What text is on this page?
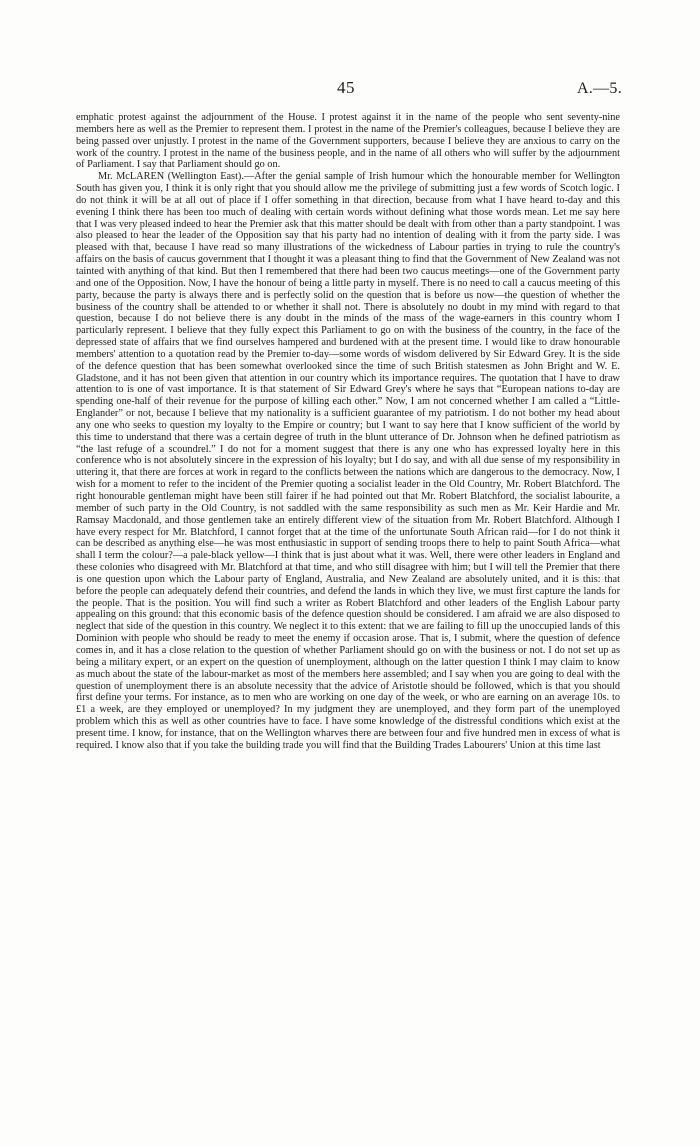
45	A.—5.

emphatic protest against the adjournment of the House. I protest against it in the name of the people who sent seventy-nine members here as well as the Premier to represent them. I protest in the name of the Premier's colleagues, because I believe they are being passed over unjustly. I protest in the name of the Government supporters, because I believe they are anxious to carry on the work of the country. I protest in the name of the business people, and in the name of all others who will suffer by the adjournment of Parliament. I say that Parliament should go on.

Mr. McLAREN (Wellington East).—After the genial sample of Irish humour which the honourable member for Wellington South has given you, I think it is only right that you should allow me the privilege of submitting just a few words of Scotch logic. I do not think it will be at all out of place if I offer something in that direction, because from what I have heard to-day and this evening I think there has been too much of dealing with certain words without defining what those words mean. Let me say here that I was very pleased indeed to hear the Premier ask that this matter should be dealt with from other than a party standpoint. I was also pleased to hear the leader of the Opposition say that his party had no intention of dealing with it from the party side. I was pleased with that, because I have read so many illustrations of the wickedness of Labour parties in trying to rule the country's affairs on the basis of caucus government that I thought it was a pleasant thing to find that the Government of New Zealand was not tainted with anything of that kind. But then I remembered that there had been two caucus meetings—one of the Government party and one of the Opposition. Now, I have the honour of being a little party in myself. There is no need to call a caucus meeting of this party, because the party is always there and is perfectly solid on the question that is before us now—the question of whether the business of the country shall be attended to or whether it shall not. There is absolutely no doubt in my mind with regard to that question, because I do not believe there is any doubt in the minds of the mass of the wage-earners in this country whom I particularly represent. I believe that they fully expect this Parliament to go on with the business of the country, in the face of the depressed state of affairs that we find ourselves hampered and burdened with at the present time. I would like to draw honourable members' attention to a quotation read by the Premier to-day—some words of wisdom delivered by Sir Edward Grey. It is the side of the defence question that has been somewhat overlooked since the time of such British statesmen as John Bright and W. E. Gladstone, and it has not been given that attention in our country which its importance requires. The quotation that I have to draw attention to is one of vast importance. It is that statement of Sir Edward Grey's where he says that “European nations to-day are spending one-half of their revenue for the purpose of killing each other.” Now, I am not concerned whether I am called a “Little-Englander” or not, because I believe that my nationality is a sufficient guarantee of my patriotism. I do not bother my head about any one who seeks to question my loyalty to the Empire or country; but I want to say here that I know sufficient of the world by this time to understand that there was a certain degree of truth in the blunt utterance of Dr. Johnson when he defined patriotism as “the last refuge of a scoundrel.” I do not for a moment suggest that there is any one who has expressed loyalty here in this conference who is not absolutely sincere in the expression of his loyalty; but I do say, and with all due sense of my responsibility in uttering it, that there are forces at work in regard to the conflicts between the nations which are dangerous to the democracy. Now, I wish for a moment to refer to the incident of the Premier quoting a socialist leader in the Old Country, Mr. Robert Blatchford. The right honourable gentleman might have been still fairer if he had pointed out that Mr. Robert Blatchford, the socialist labourite, a member of such party in the Old Country, is not saddled with the same responsibility as such men as Mr. Keir Hardie and Mr. Ramsay Macdonald, and those gentlemen take an entirely different view of the situation from Mr. Robert Blatchford. Although I have every respect for Mr. Blatchford, I cannot forget that at the time of the unfortunate South African raid—for I do not think it can be described as anything else—he was most enthusiastic in support of sending troops there to help to paint South Africa—what shall I term the colour?—a pale-black yellow—I think that is just about what it was. Well, there were other leaders in England and these colonies who disagreed with Mr. Blatchford at that time, and who still disagree with him; but I will tell the Premier that there is one question upon which the Labour party of England, Australia, and New Zealand are absolutely united, and it is this: that before the people can adequately defend their countries, and defend the lands in which they live, we must first capture the lands for the people. That is the position. You will find such a writer as Robert Blatchford and other leaders of the English Labour party appealing on this ground: that this economic basis of the defence question should be considered. I am afraid we are also disposed to neglect that side of the question in this country. We neglect it to this extent: that we are failing to fill up the unoccupied lands of this Dominion with people who should be ready to meet the enemy if occasion arose. That is, I submit, where the question of defence comes in, and it has a close relation to the question of whether Parliament should go on with the business or not. I do not set up as being a military expert, or an expert on the question of unemployment, although on the latter question I think I may claim to know as much about the state of the labour-market as most of the members here assembled; and I say when you are going to deal with the question of unemployment there is an absolute necessity that the advice of Aristotle should be followed, which is that you should first define your terms. For instance, as to men who are working on one day of the week, or who are earning on an average 10s. to £1 a week, are they employed or unemployed? In my judgment they are unemployed, and they form part of the unemployed problem which this as well as other countries have to face. I have some knowledge of the distressful conditions which exist at the present time. I know, for instance, that on the Wellington wharves there are between four and five hundred men in excess of what is required. I know also that if you take the building trade you will find that the Building Trades Labourers' Union at this time last
